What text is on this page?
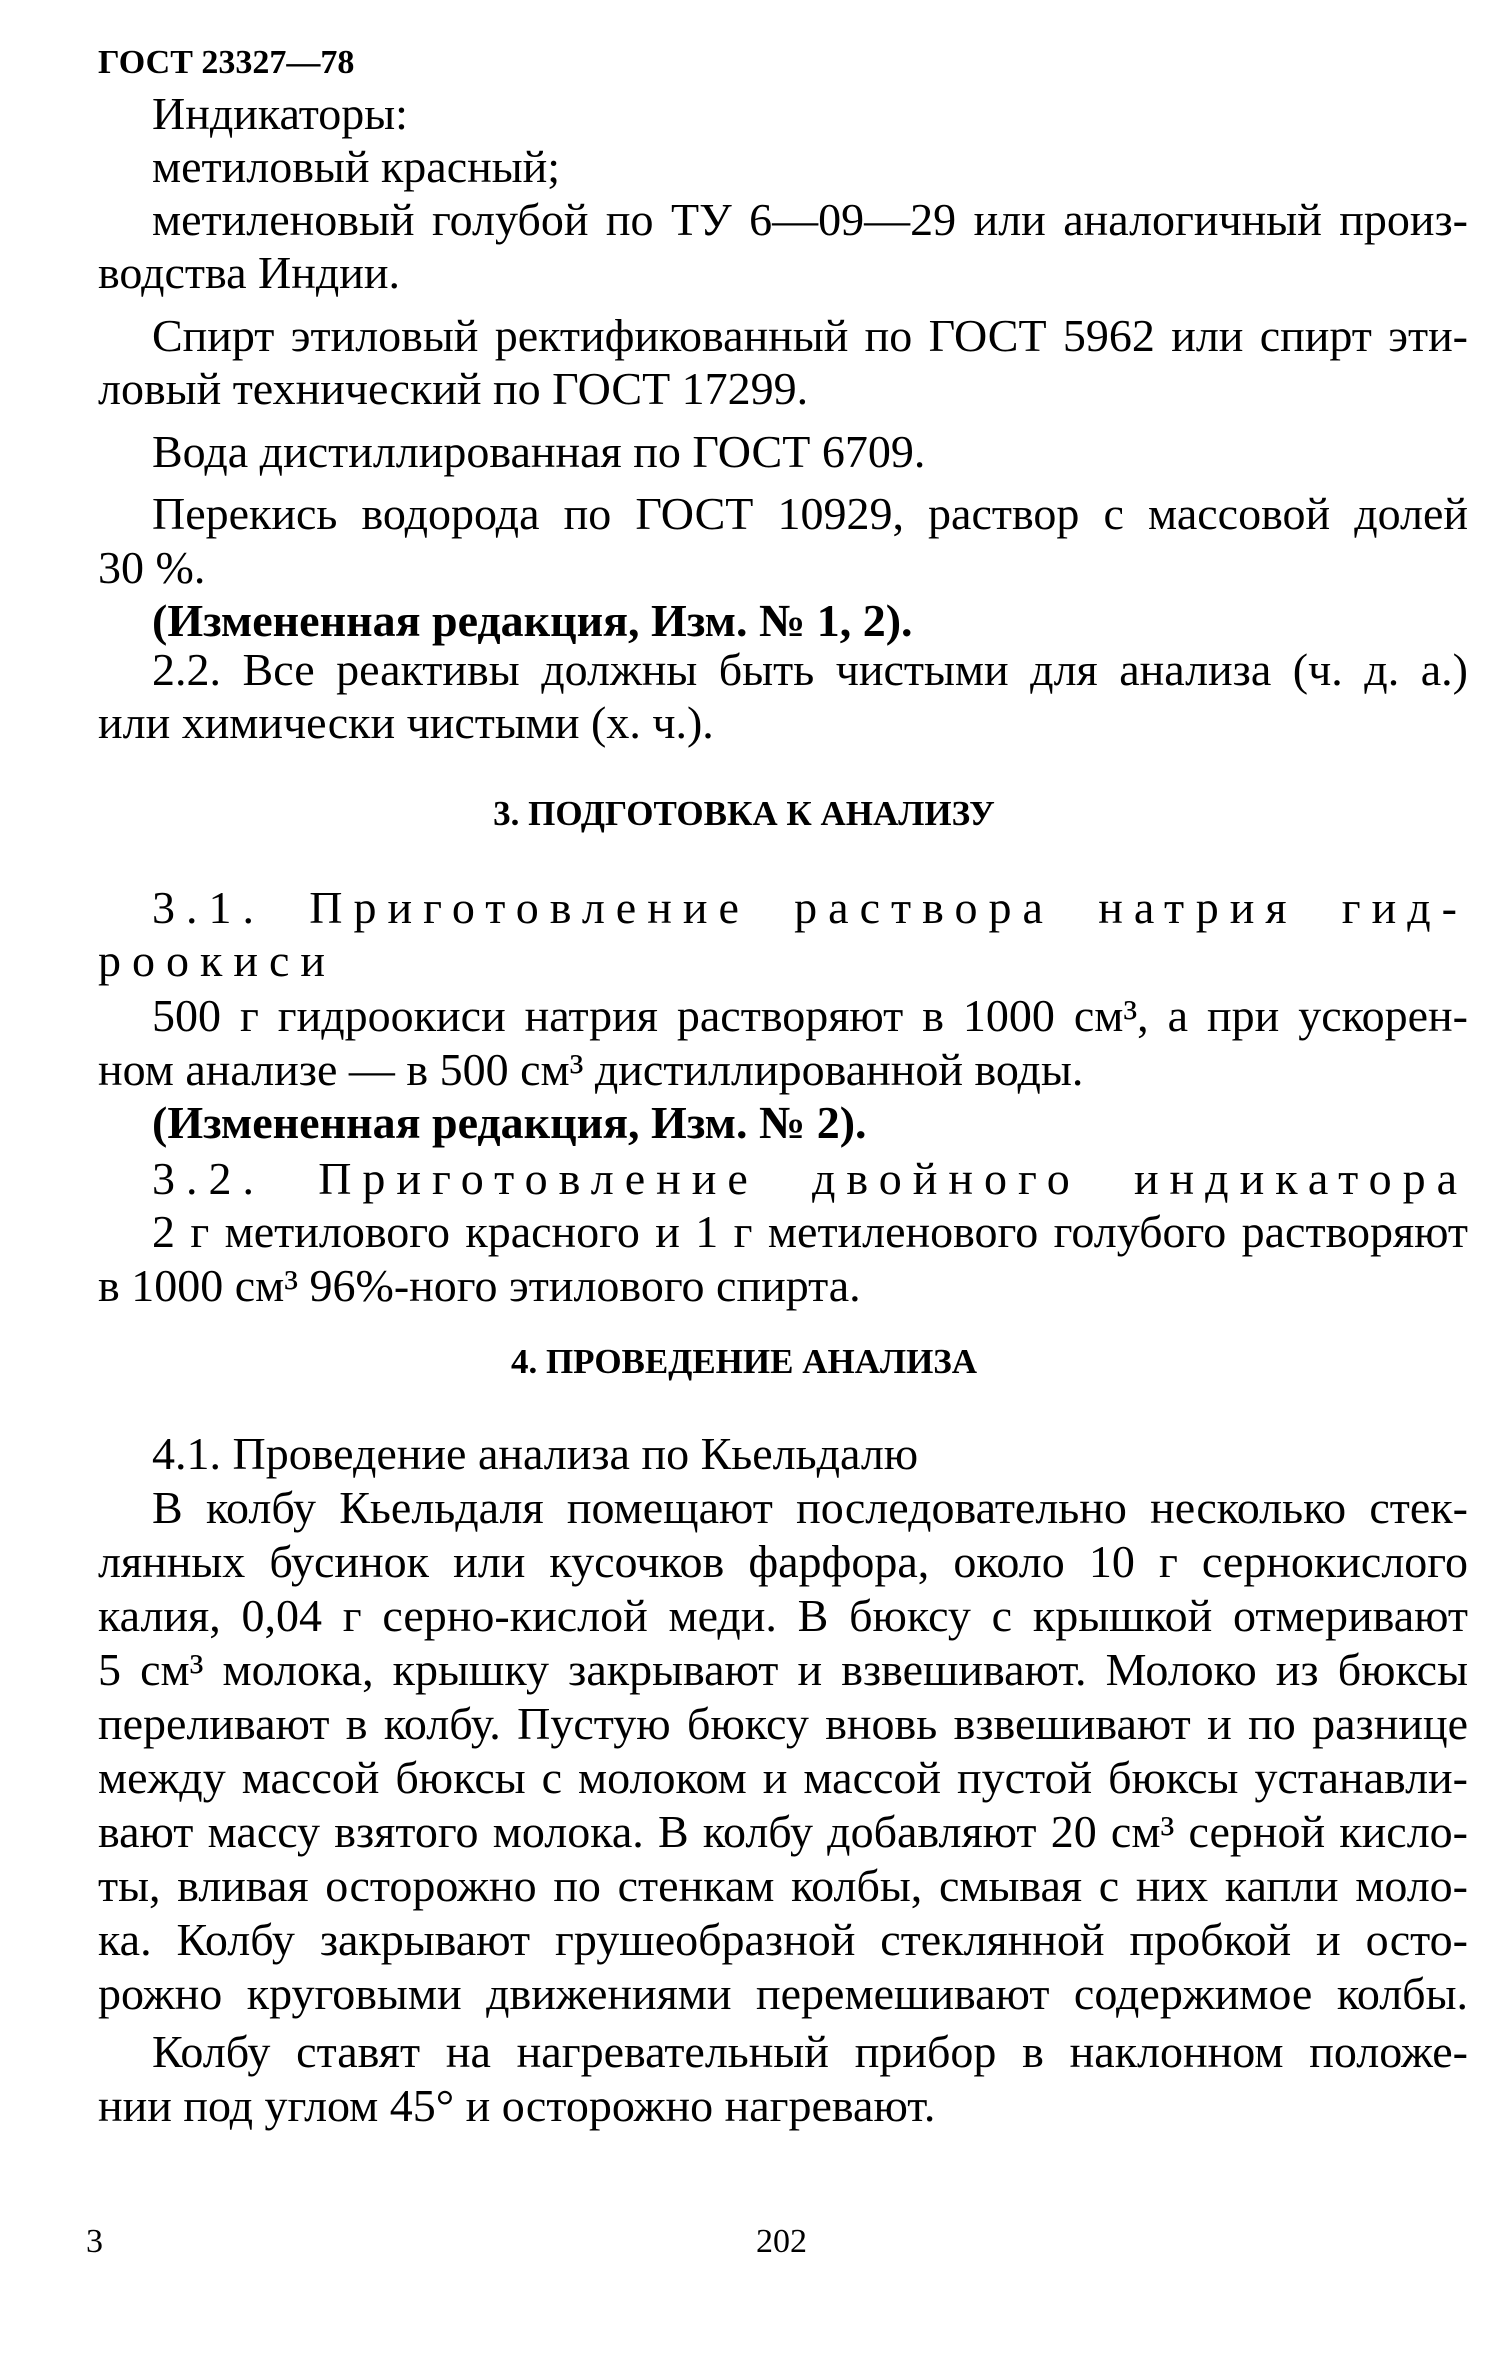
ГОСТ 23327—78
Индикаторы:
метиловый красный;
метиленовый голубой по ТУ 6—09—29 или аналогичный произ-
водства Индии.
Спирт этиловый ректификованный по ГОСТ 5962 или спирт эти-
ловый технический по ГОСТ 17299.
Вода дистиллированная по ГОСТ 6709.
Перекись водорода по ГОСТ 10929, раствор с массовой долей
30 %.
(Измененная редакция, Изм. № 1, 2).
2.2. Все реактивы должны быть чистыми для анализа (ч. д. а.)
или химически чистыми (х. ч.).
3. ПОДГОТОВКА К АНАЛИЗУ
3.1. Приготовление раствора натрия гид-
роокиси
500 г гидроокиси натрия растворяют в 1000 см³, а при ускорен-
ном анализе — в 500 см³ дистиллированной воды.
(Измененная редакция, Изм. № 2).
3.2. Приготовление двойного индикатора
2 г метилового красного и 1 г метиленового голубого растворяют
в 1000 см³ 96%-ного этилового спирта.
4. ПРОВЕДЕНИЕ АНАЛИЗА
4.1. Проведение анализа по Кьельдалю
В колбу Кьельдаля помещают последовательно несколько стек-
лянных бусинок или кусочков фарфора, около 10 г сернокислого
калия, 0,04 г серно-кислой меди. В бюксу с крышкой отмеривают
5 см³ молока, крышку закрывают и взвешивают. Молоко из бюксы
переливают в колбу. Пустую бюксу вновь взвешивают и по разнице
между массой бюксы с молоком и массой пустой бюксы устанавли-
вают массу взятого молока. В колбу добавляют 20 см³ серной кисло-
ты, вливая осторожно по стенкам колбы, смывая с них капли моло-
ка. Колбу закрывают грушеобразной стеклянной пробкой и осто-
рожно круговыми движениями перемешивают содержимое колбы.
Колбу ставят на нагревательный прибор в наклонном положе-
нии под углом 45° и осторожно нагревают.
3	202
